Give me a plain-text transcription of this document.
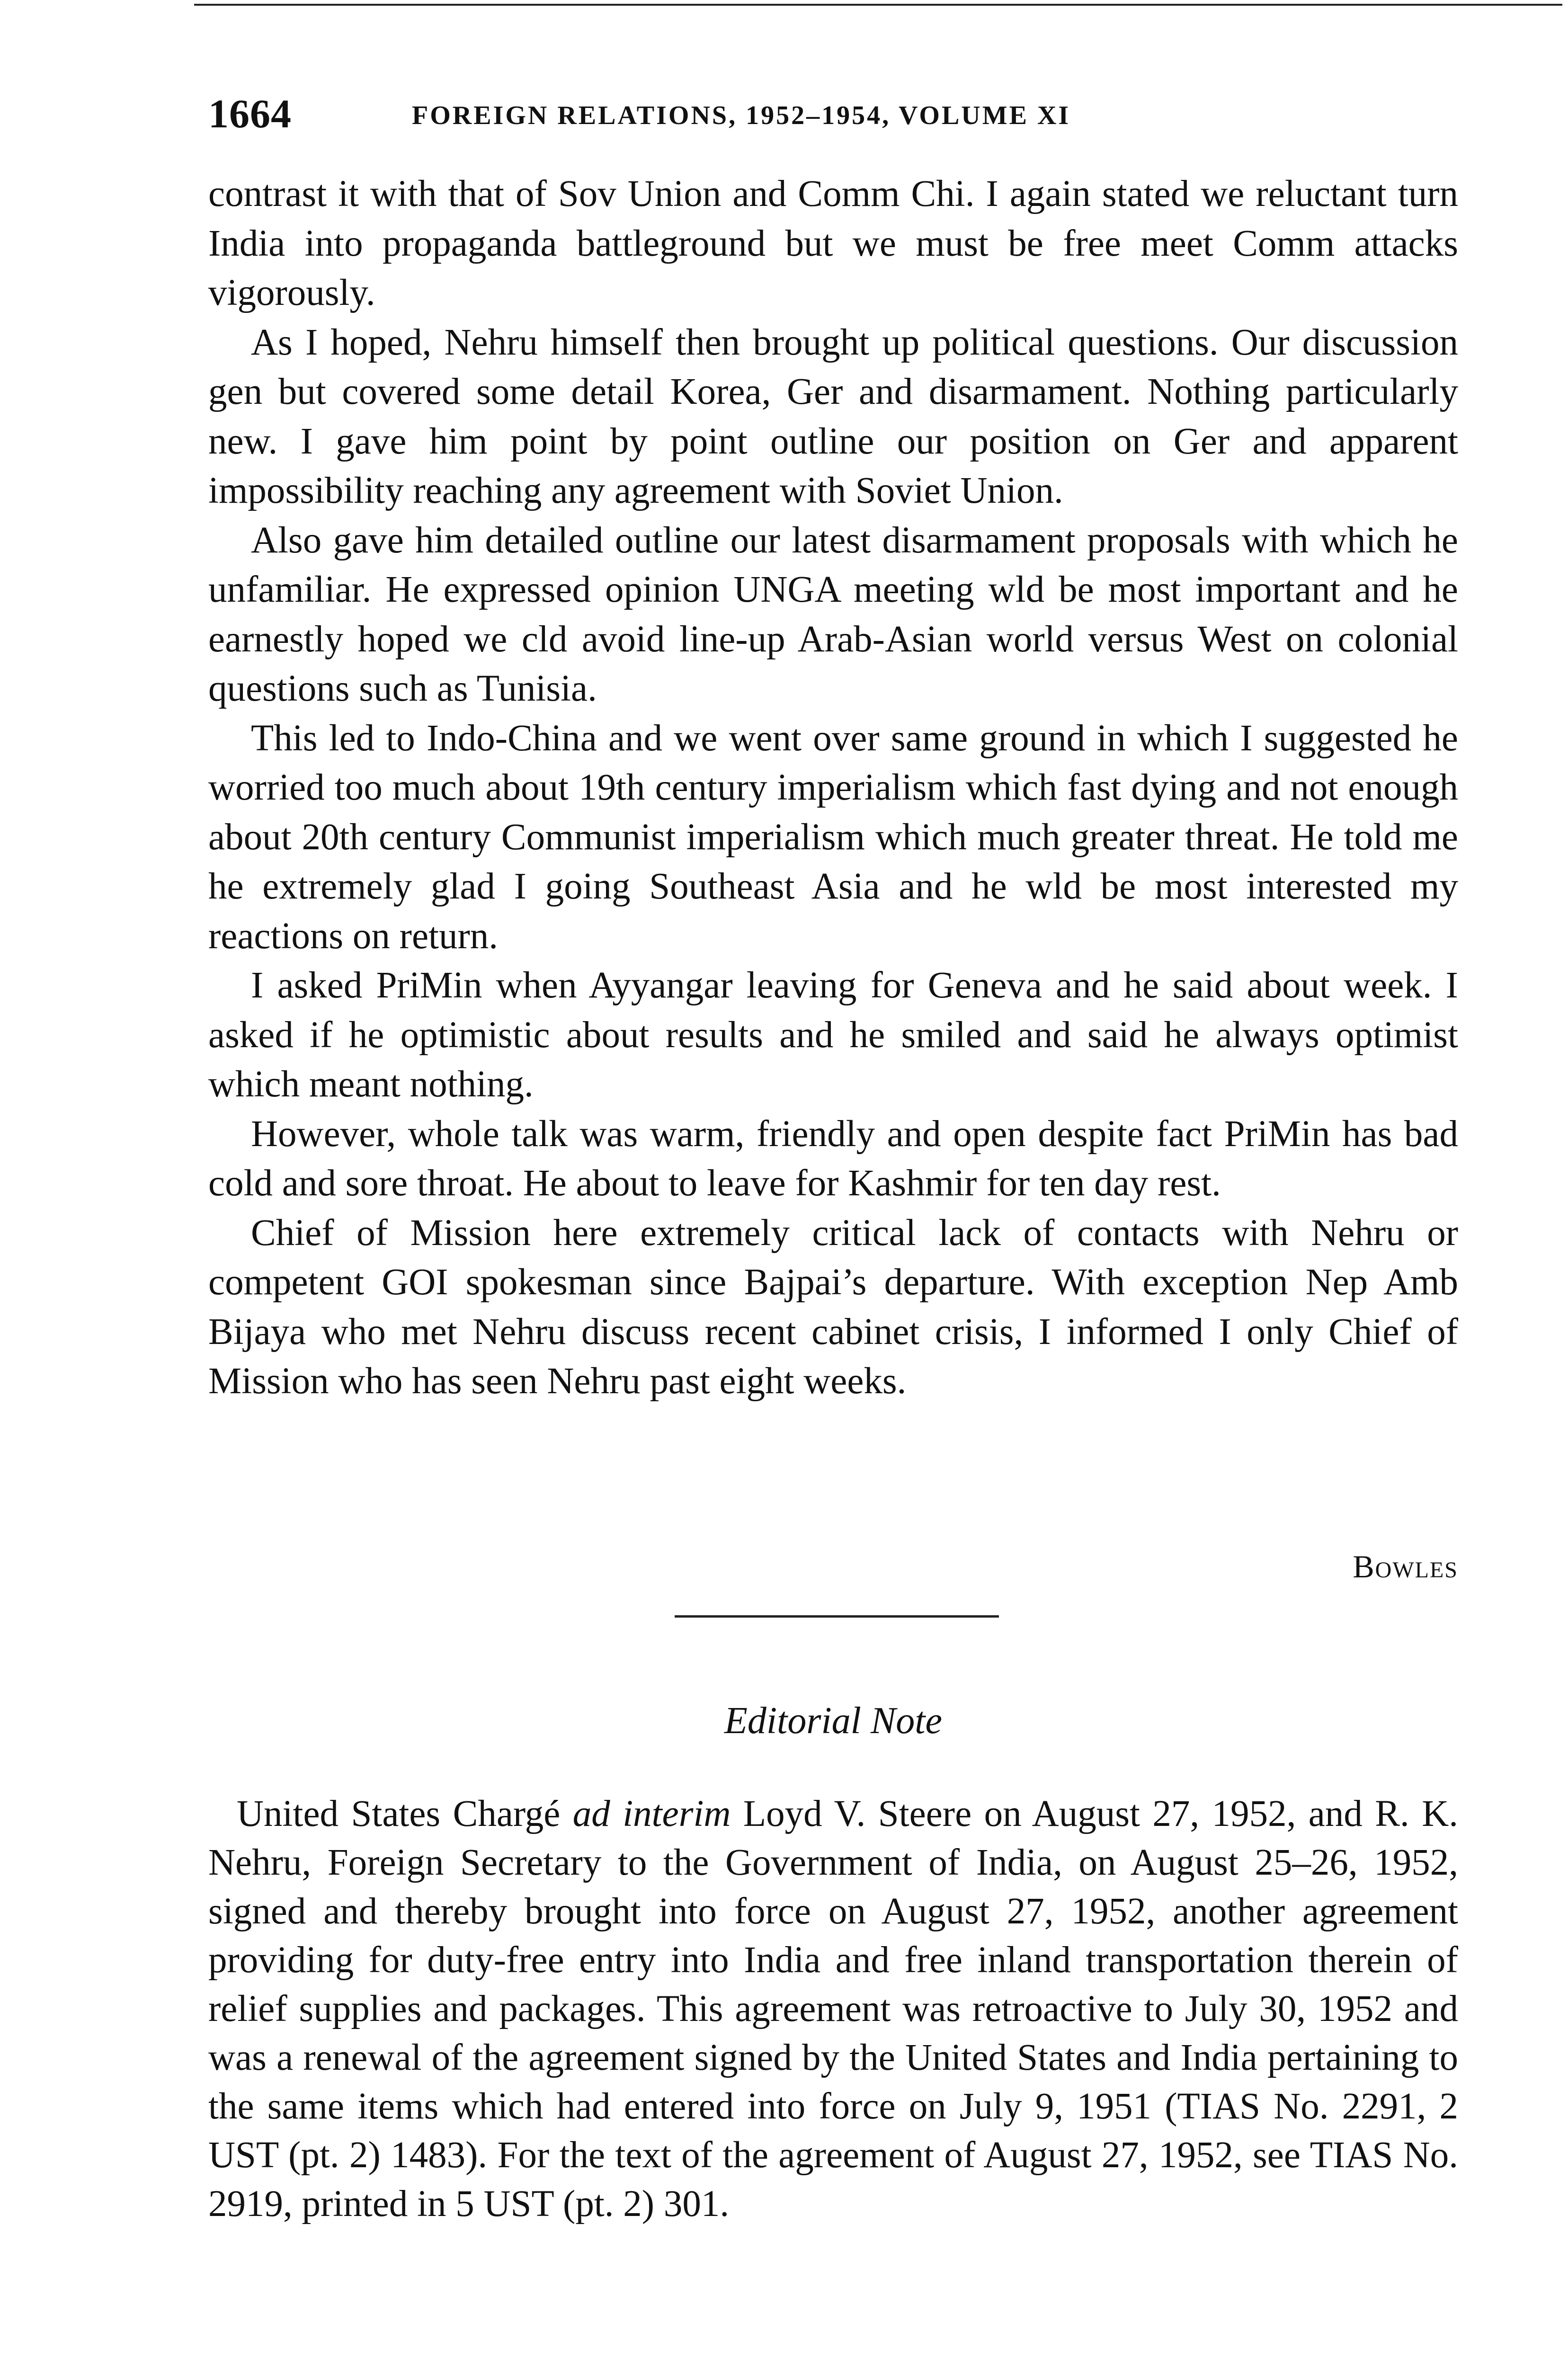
1664	FOREIGN RELATIONS, 1952–1954, VOLUME XI

contrast it with that of Sov Union and Comm Chi. I again stated we reluctant turn India into propaganda battleground but we must be free meet Comm attacks vigorously.

As I hoped, Nehru himself then brought up political questions. Our discussion gen but covered some detail Korea, Ger and disarmament. Nothing particularly new. I gave him point by point outline our position on Ger and apparent impossibility reaching any agreement with Soviet Union.

Also gave him detailed outline our latest disarmament proposals with which he unfamiliar. He expressed opinion UNGA meeting wld be most important and he earnestly hoped we cld avoid line-up Arab-Asian world versus West on colonial questions such as Tunisia.

This led to Indo-China and we went over same ground in which I suggested he worried too much about 19th century imperialism which fast dying and not enough about 20th century Communist imperialism which much greater threat. He told me he extremely glad I going Southeast Asia and he wld be most interested my reactions on return.

I asked PriMin when Ayyangar leaving for Geneva and he said about week. I asked if he optimistic about results and he smiled and said he always optimist which meant nothing.

However, whole talk was warm, friendly and open despite fact PriMin has bad cold and sore throat. He about to leave for Kashmir for ten day rest.

Chief of Mission here extremely critical lack of contacts with Nehru or competent GOI spokesman since Bajpai’s departure. With exception Nep Amb Bijaya who met Nehru discuss recent cabinet crisis, I informed I only Chief of Mission who has seen Nehru past eight weeks.

Bowles
Editorial Note

United States Chargé ad interim Loyd V. Steere on August 27, 1952, and R. K. Nehru, Foreign Secretary to the Government of India, on August 25–26, 1952, signed and thereby brought into force on August 27, 1952, another agreement providing for duty-free entry into India and free inland transportation therein of relief supplies and packages. This agreement was retroactive to July 30, 1952 and was a renewal of the agreement signed by the United States and India pertaining to the same items which had entered into force on July 9, 1951 (TIAS No. 2291, 2 UST (pt. 2) 1483). For the text of the agreement of August 27, 1952, see TIAS No. 2919, printed in 5 UST (pt. 2) 301.
